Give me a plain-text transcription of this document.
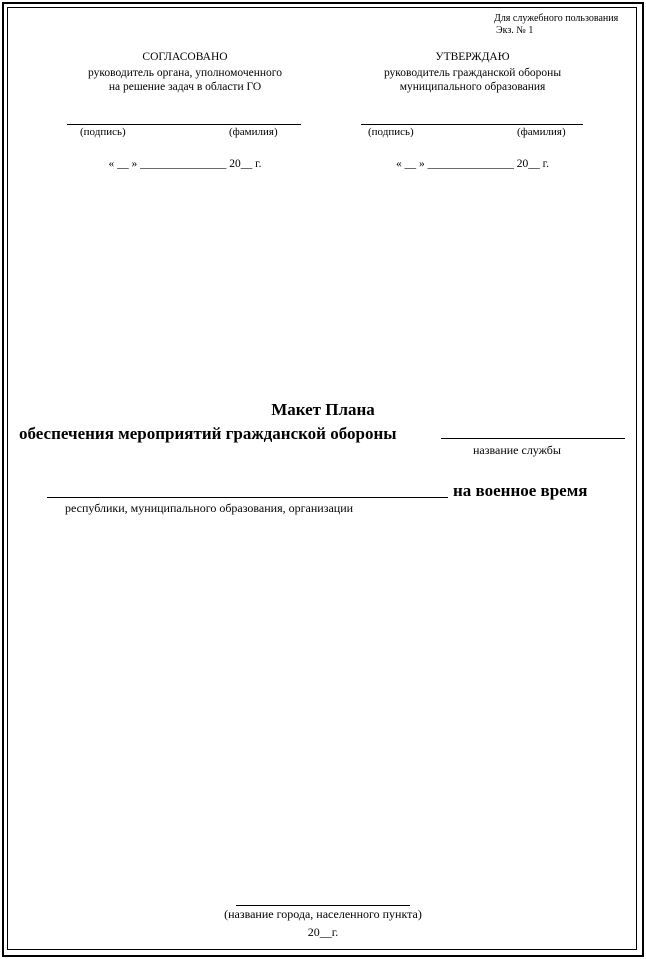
Для служебного пользования
Экз. № 1
СОГЛАСОВАНО
руководитель органа, уполномоченного
на решение задач в области ГО
(подпись)	(фамилия)
« __ » _______________ 20__ г.
УТВЕРЖДАЮ
руководитель гражданской обороны
муниципального образования
(подпись)	(фамилия)
« __ » _______________ 20__ г.
Макет Плана
обеспечения мероприятий гражданской обороны
название службы
на военное время
республики, муниципального образования, организации
(название города, населенного пункта)
20__г.
